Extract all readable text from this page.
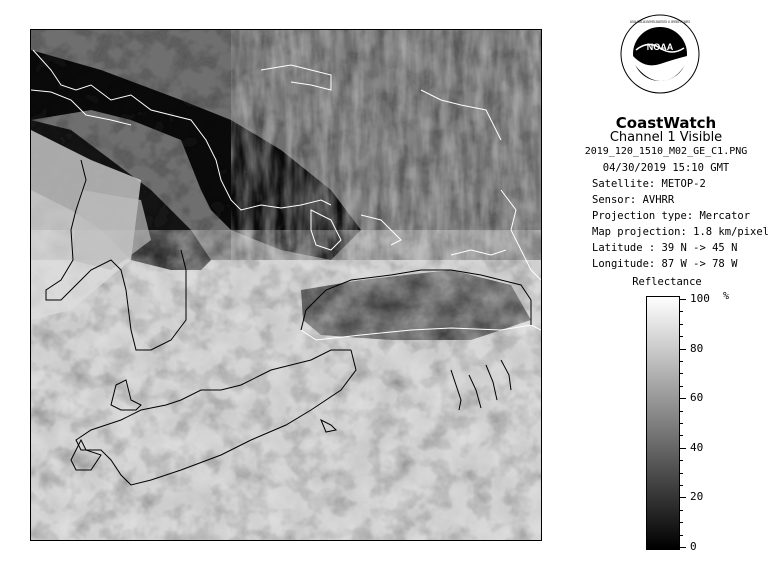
NOAA
NATIONAL OCEANIC AND ATMOSPHERIC ADMINISTRATION · U.S. DEPARTMENT OF COMMERCE
CoastWatch
Channel 1 Visible
2019_120_1510_M02_GE_C1.PNG
04/30/2019 15:10 GMT
Satellite: METOP-2
Sensor: AVHRR
Projection type: Mercator
Map projection: 1.8 km/pixel
Latitude : 39 N -> 45 N
Longitude: 87 W -> 78 W
Reflectance
%
100
80
60
40
20
0
